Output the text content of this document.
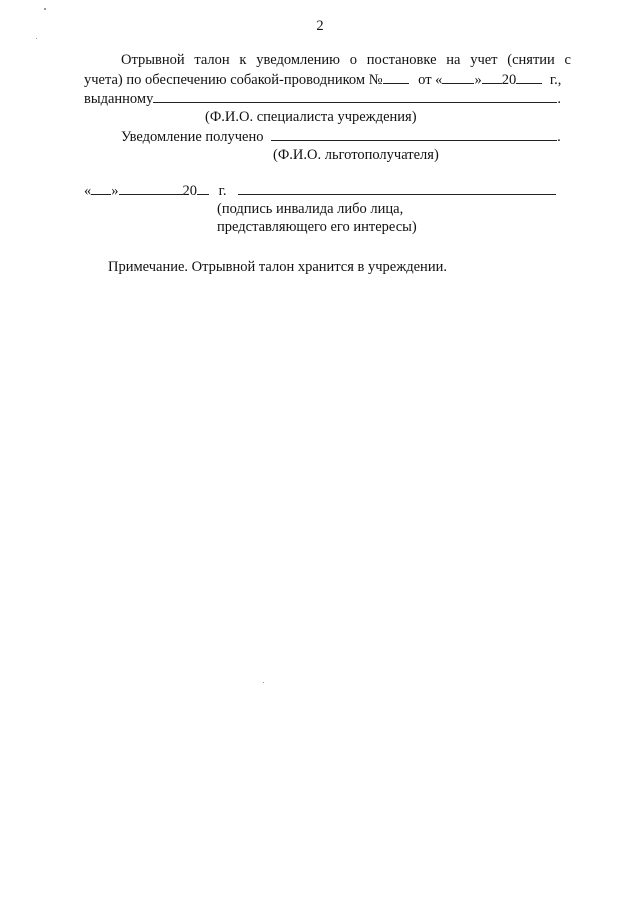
2
Отрывной талон к уведомлению о постановке на учет (снятии с
учета) по обеспечению собакой-проводником № от « » 20 г.,
выданному	.
(Ф.И.О. специалиста учреждения)
Уведомление получено	.
(Ф.И.О. льготополучателя)
« »	20 г.
(подпись инвалида либо лица,
представляющего его интересы)
Примечание. Отрывной талон хранится в учреждении.
